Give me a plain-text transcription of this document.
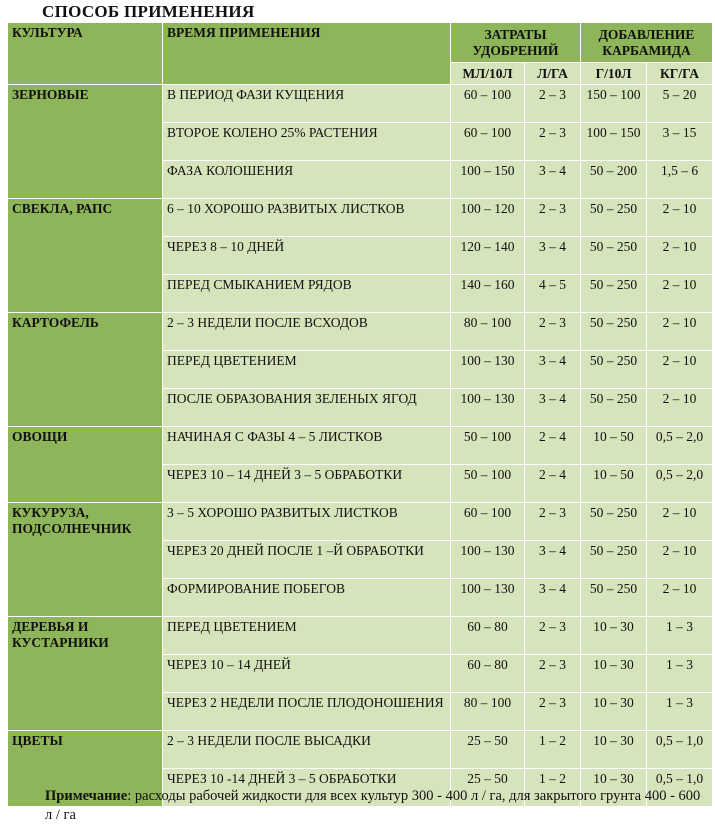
СПОСОБ ПРИМЕНЕНИЯ
КУЛЬТУРА	ВРЕМЯ ПРИМЕНЕНИЯ	ЗАТРАТЫ УДОБРЕНИЙ		ДОБАВЛЕНИЕ КАРБАМИДА	
		МЛ/10Л	Л/ГА	Г/10Л	КГ/ГА
ЗЕРНОВЫЕ	В ПЕРИОД ФАЗИ КУЩЕНИЯ	60 – 100	2 – 3	150 – 100	5 – 20
	ВТОРОЕ КОЛЕНО 25% РАСТЕНИЯ	60 – 100	2 – 3	100 – 150	3 – 15
	ФАЗА КОЛОШЕНИЯ	100 – 150	3 – 4	50 – 200	1,5 – 6
СВЕКЛА, РАПС	6 – 10 ХОРОШО РАЗВИТЫХ ЛИСТКОВ	100 – 120	2 – 3	50 – 250	2 – 10
	ЧЕРЕЗ 8 – 10 ДНЕЙ	120 – 140	3 – 4	50 – 250	2 – 10
	ПЕРЕД СМЫКАНИЕМ РЯДОВ	140 – 160	4 – 5	50 – 250	2 – 10
КАРТОФЕЛЬ	2 – 3 НЕДЕЛИ ПОСЛЕ ВСХОДОВ	80 – 100	2 – 3	50 – 250	2 – 10
	ПЕРЕД ЦВЕТЕНИЕМ	100 – 130	3 – 4	50 – 250	2 – 10
	ПОСЛЕ ОБРАЗОВАНИЯ ЗЕЛЕНЫХ ЯГОД	100 – 130	3 – 4	50 – 250	2 – 10
ОВОЩИ	НАЧИНАЯ С ФАЗЫ 4 – 5 ЛИСТКОВ	50 – 100	2 – 4	10 – 50	0,5 – 2,0
	ЧЕРЕЗ 10 – 14 ДНЕЙ 3 – 5 ОБРАБОТКИ	50 – 100	2 – 4	10 – 50	0,5 – 2,0
КУКУРУЗА, ПОДСОЛНЕЧНИК	3 – 5 ХОРОШО РАЗВИТЫХ ЛИСТКОВ	60 – 100	2 – 3	50 – 250	2 – 10
	ЧЕРЕЗ 20 ДНЕЙ ПОСЛЕ 1 –Й ОБРАБОТКИ	100 – 130	3 – 4	50 – 250	2 – 10
	ФОРМИРОВАНИЕ ПОБЕГОВ	100 – 130	3 – 4	50 – 250	2 – 10
ДЕРЕВЬЯ И КУСТАРНИКИ	ПЕРЕД ЦВЕТЕНИЕМ	60 – 80	2 – 3	10 – 30	1 – 3
	ЧЕРЕЗ 10 – 14 ДНЕЙ	60 – 80	2 – 3	10 – 30	1 – 3
	ЧЕРЕЗ 2 НЕДЕЛИ ПОСЛЕ ПЛОДОНОШЕНИЯ	80 – 100	2 – 3	10 – 30	1 – 3
ЦВЕТЫ	2 – 3 НЕДЕЛИ ПОСЛЕ ВЫСАДКИ	25 – 50	1 – 2	10 – 30	0,5 – 1,0
	ЧЕРЕЗ 10 -14 ДНЕЙ 3 – 5 ОБРАБОТКИ	25 – 50	1 – 2	10 – 30	0,5 – 1,0
Примечание: расходы рабочей жидкости для всех культур 300 - 400 л / га, для закрытого грунта 400 - 600 л / га
